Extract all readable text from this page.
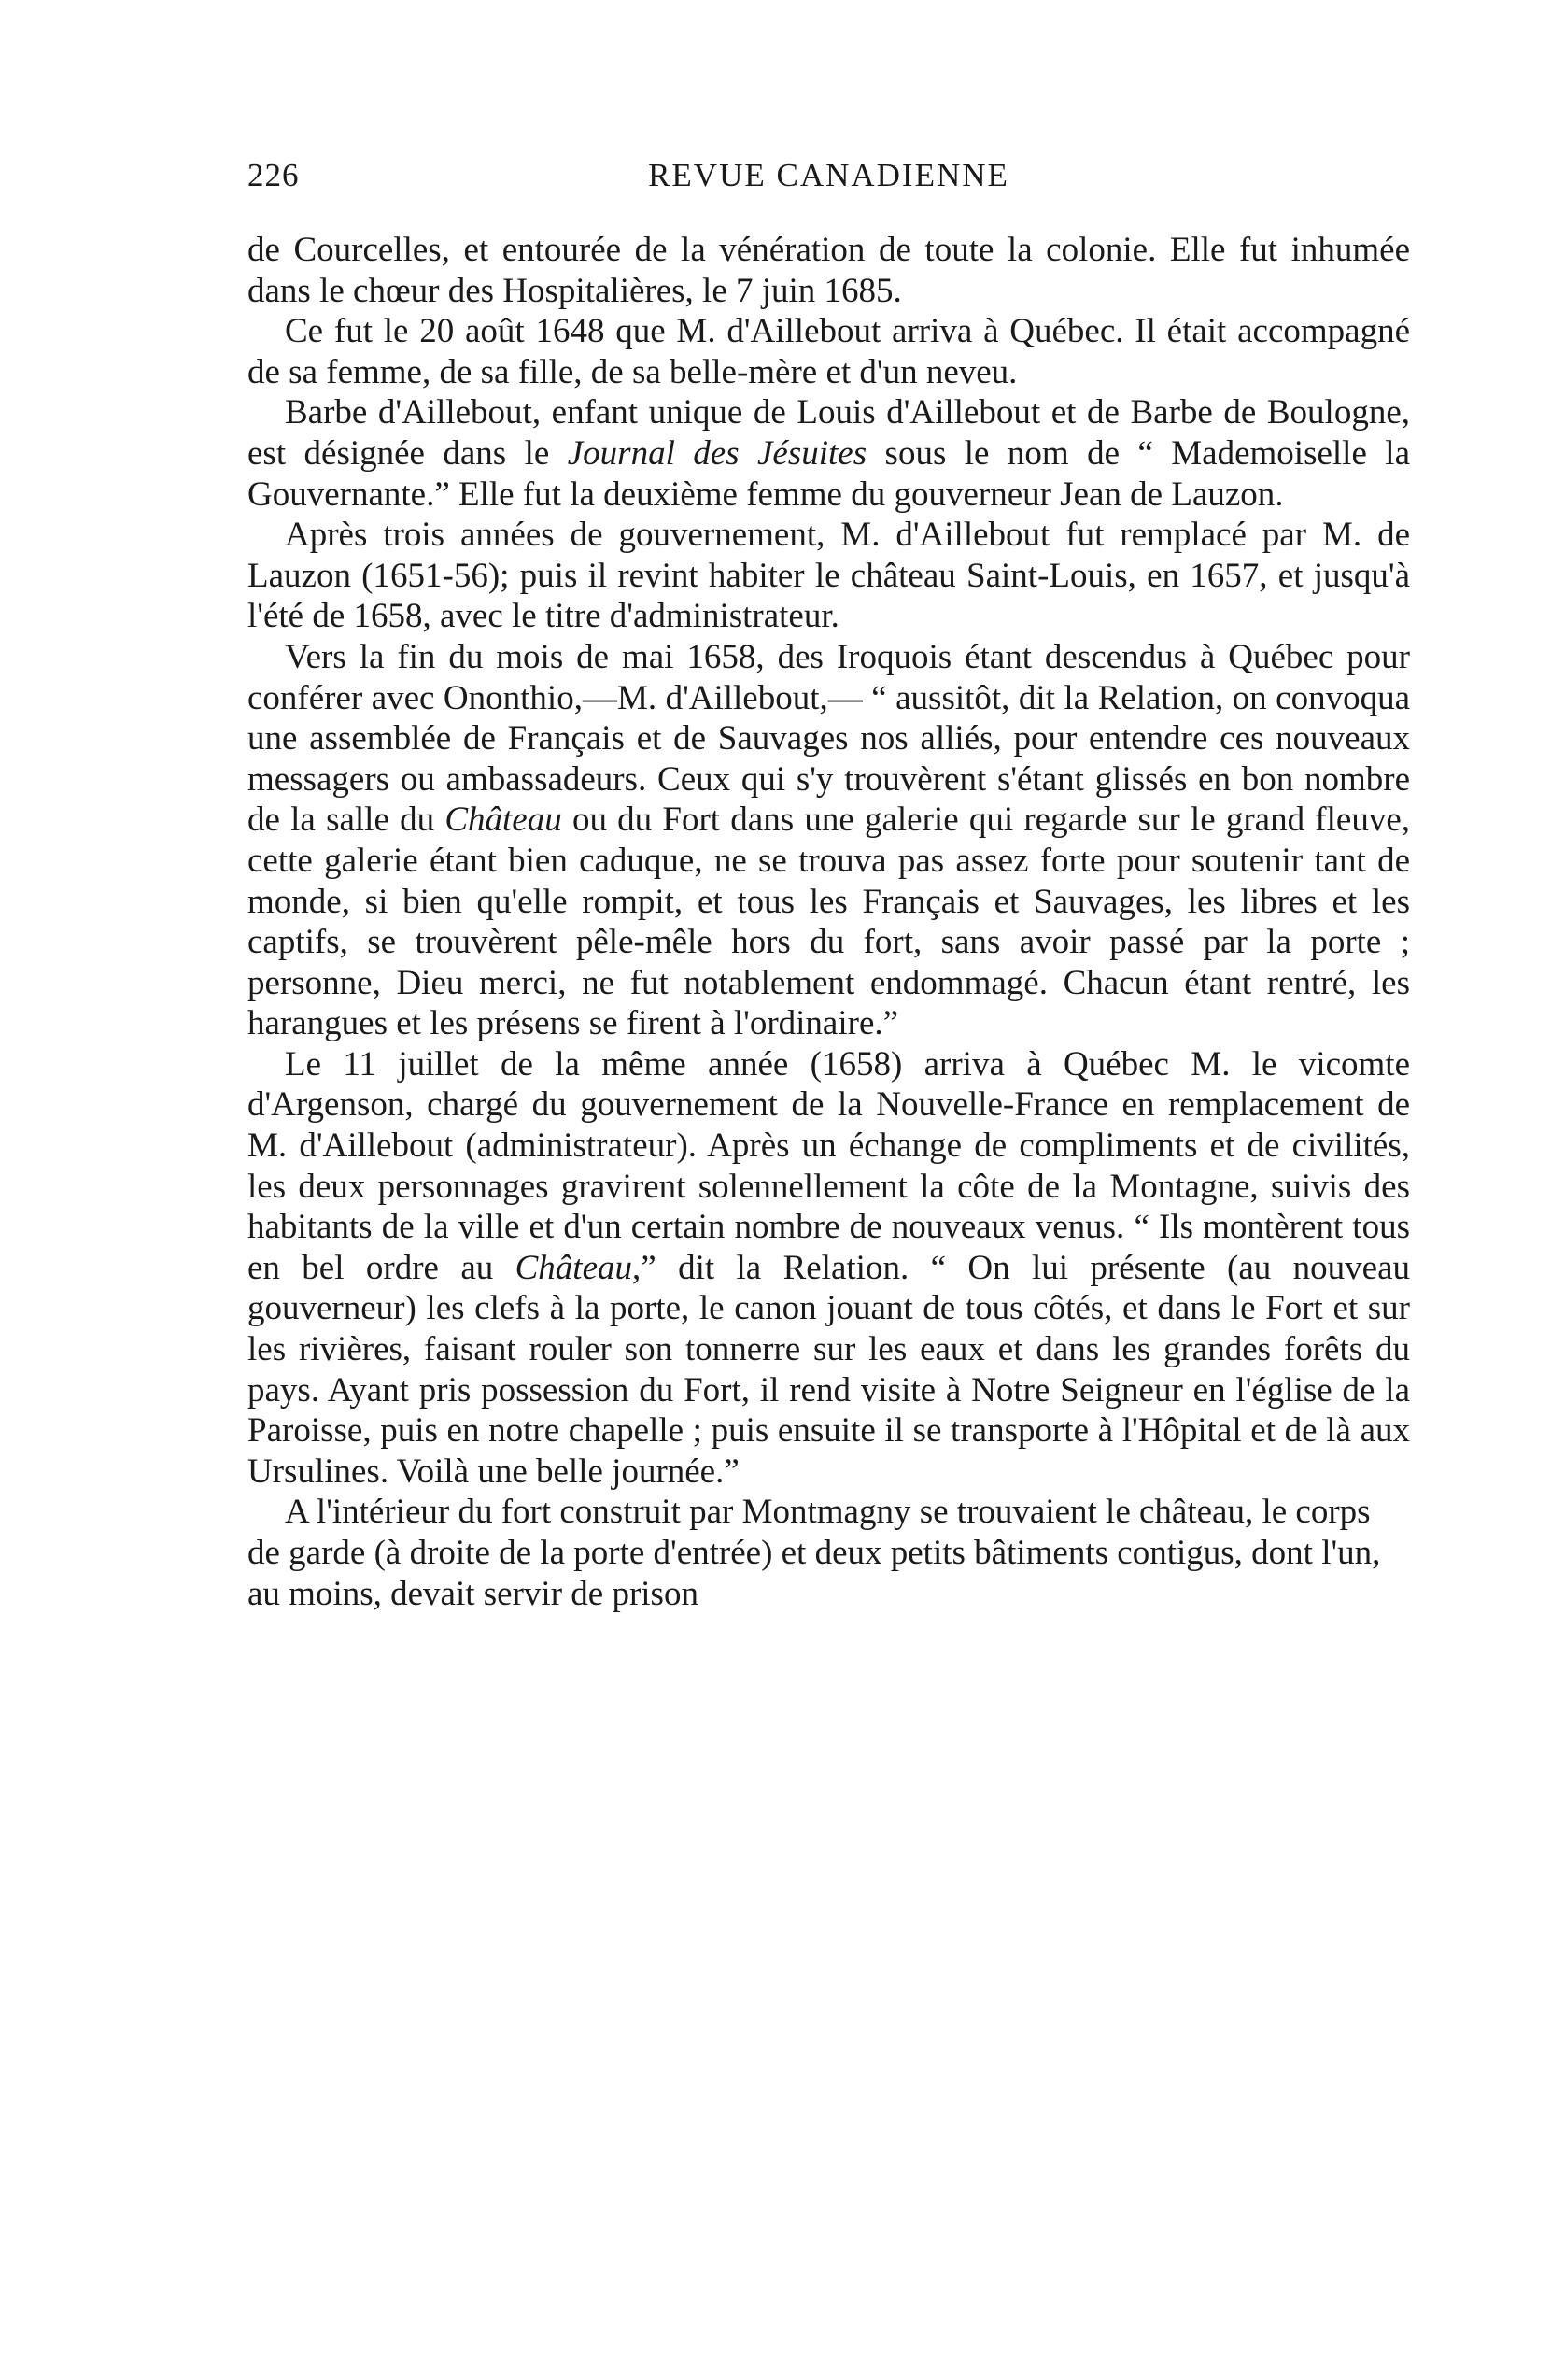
226	REVUE CANADIENNE

de Courcelles, et entourée de la vénération de toute la colonie. Elle fut inhumée dans le chœur des Hospitalières, le 7 juin 1685.

Ce fut le 20 août 1648 que M. d'Aillebout arriva à Québec. Il était accompagné de sa femme, de sa fille, de sa belle-mère et d'un neveu.

Barbe d'Aillebout, enfant unique de Louis d'Aillebout et de Barbe de Boulogne, est désignée dans le Journal des Jésuites sous le nom de “ Mademoiselle la Gouvernante.” Elle fut la deuxième femme du gouverneur Jean de Lauzon.

Après trois années de gouvernement, M. d'Aillebout fut remplacé par M. de Lauzon (1651-56); puis il revint habiter le château Saint-Louis, en 1657, et jusqu'à l'été de 1658, avec le titre d'administrateur.

Vers la fin du mois de mai 1658, des Iroquois étant descendus à Québec pour conférer avec Ononthio,—M. d'Aillebout,— “ aussitôt, dit la Relation, on convoqua une assemblée de Français et de Sauvages nos alliés, pour entendre ces nouveaux messagers ou ambassadeurs. Ceux qui s'y trouvèrent s'étant glissés en bon nombre de la salle du Château ou du Fort dans une galerie qui regarde sur le grand fleuve, cette galerie étant bien caduque, ne se trouva pas assez forte pour soutenir tant de monde, si bien qu'elle rompit, et tous les Français et Sauvages, les libres et les captifs, se trouvèrent pêle-mêle hors du fort, sans avoir passé par la porte ; personne, Dieu merci, ne fut notablement endommagé. Chacun étant rentré, les harangues et les présens se firent à l'ordinaire.”

Le 11 juillet de la même année (1658) arriva à Québec M. le vicomte d'Argenson, chargé du gouvernement de la Nouvelle-France en remplacement de M. d'Aillebout (administrateur). Après un échange de compliments et de civilités, les deux personnages gravirent solennellement la côte de la Montagne, suivis des habitants de la ville et d'un certain nombre de nouveaux venus. “ Ils montèrent tous en bel ordre au Château,” dit la Relation. “ On lui présente (au nouveau gouverneur) les clefs à la porte, le canon jouant de tous côtés, et dans le Fort et sur les rivières, faisant rouler son tonnerre sur les eaux et dans les grandes forêts du pays. Ayant pris possession du Fort, il rend visite à Notre Seigneur en l'église de la Paroisse, puis en notre chapelle ; puis ensuite il se transporte à l'Hôpital et de là aux Ursulines. Voilà une belle journée.”

A l'intérieur du fort construit par Montmagny se trouvaient le château, le corps de garde (à droite de la porte d'entrée) et deux petits bâtiments contigus, dont l'un, au moins, devait servir de prison
